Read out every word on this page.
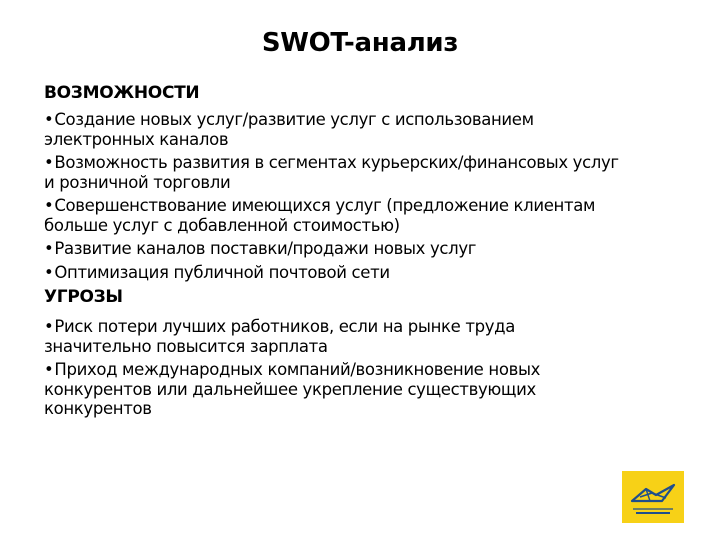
SWOT-анализ
ВОЗМОЖНОСТИ
•Создание новых услуг/развитие услуг с использованием
электронных каналов
•Возможность развития в сегментах курьерских/финансовых услуг
и розничной торговли
•Совершенствование имеющихся услуг (предложение клиентам
больше услуг с добавленной стоимостью)
•Развитие каналов поставки/продажи новых услуг
•Оптимизация публичной почтовой сети
УГРОЗЫ
•Риск потери лучших работников, если на рынке труда
значительно повысится зарплата
•Приход международных компаний/возникновение новых
конкурентов или дальнейшее укрепление существующих
конкурентов
